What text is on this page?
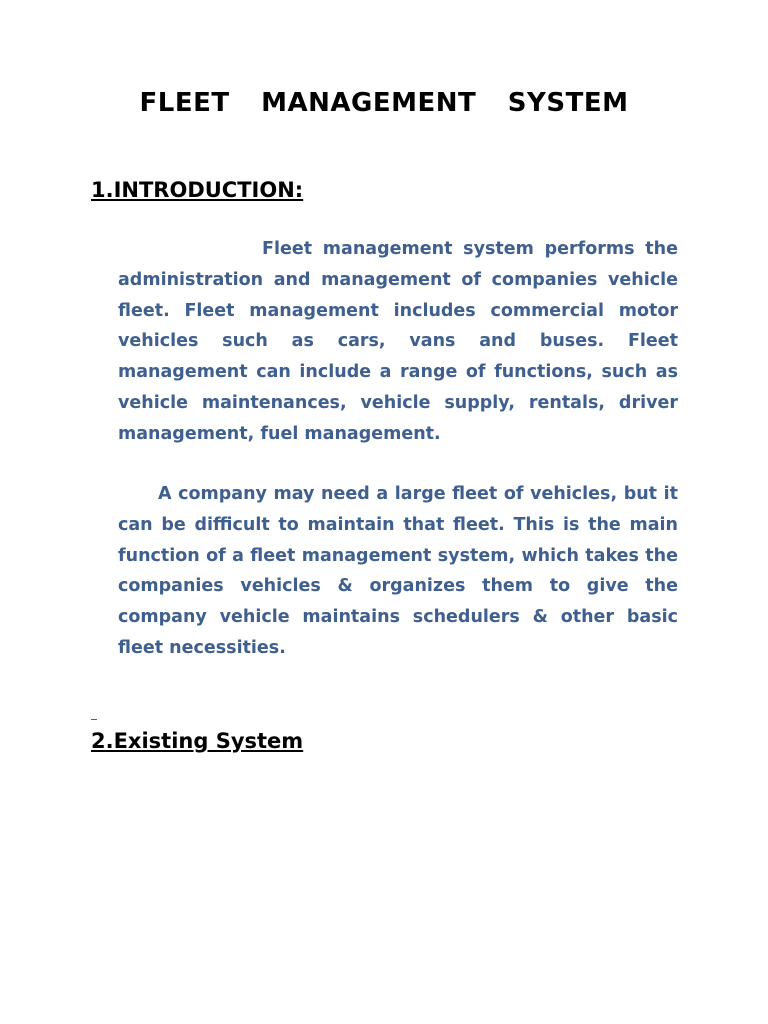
FLEET MANAGEMENT SYSTEM
1.INTRODUCTION:

Fleet management system performs the administration and management of companies vehicle fleet. Fleet management includes commercial motor vehicles such as cars, vans and buses. Fleet management can include a range of functions, such as vehicle maintenances, vehicle supply, rentals, driver management, fuel management.

A company may need a large fleet of vehicles, but it can be difficult to maintain that fleet. This is the main function of a fleet management system, which takes the companies vehicles & organizes them to give the company vehicle maintains schedulers & other basic fleet necessities.

2.Existing System
